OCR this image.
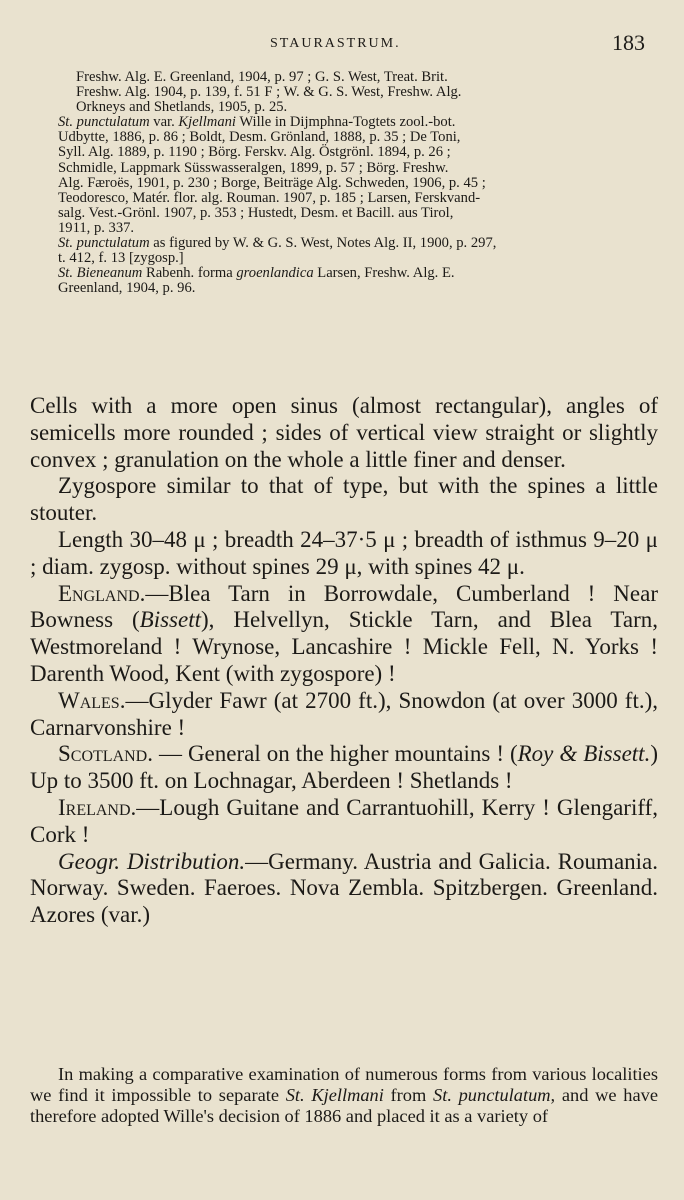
STAURASTRUM.	183
Freshw. Alg. E. Greenland, 1904, p. 97 ; G. S. West, Treat. Brit.
Freshw. Alg. 1904, p. 139, f. 51 F ; W. & G. S. West, Freshw. Alg.
Orkneys and Shetlands, 1905, p. 25.
St. punctulatum var. Kjellmani Wille in Dijmphna-Togtets zool.-bot.
Udbytte, 1886, p. 86 ; Boldt, Desm. Grönland, 1888, p. 35 ; De Toni,
Syll. Alg. 1889, p. 1190 ; Börg. Ferskv. Alg. Östgrönl. 1894, p. 26 ;
Schmidle, Lappmark Süsswasseralgen, 1899, p. 57 ; Börg. Freshw.
Alg. Færoës, 1901, p. 230 ; Borge, Beiträge Alg. Schweden, 1906, p. 45 ;
Teodoresco, Matér. flor. alg. Rouman. 1907, p. 185 ; Larsen, Ferskvand-
salg. Vest.-Grönl. 1907, p. 353 ; Hustedt, Desm. et Bacill. aus Tirol,
1911, p. 337.
St. punctulatum as figured by W. & G. S. West, Notes Alg. II, 1900, p. 297,
t. 412, f. 13 [zygosp.]
St. Bieneanum Rabenh. forma groenlandica Larsen, Freshw. Alg. E.
Greenland, 1904, p. 96.

Cells with a more open sinus (almost rectangular), angles of semicells more rounded ; sides of vertical view straight or slightly convex ; granulation on the whole a little finer and denser.

Zygospore similar to that of type, but with the spines a little stouter.

Length 30–48 μ ; breadth 24–37·5 μ ; breadth of isthmus 9–20 μ ; diam. zygosp. without spines 29 μ, with spines 42 μ.

England.—Blea Tarn in Borrowdale, Cumberland ! Near Bowness (Bissett), Helvellyn, Stickle Tarn, and Blea Tarn, Westmoreland ! Wrynose, Lancashire ! Mickle Fell, N. Yorks ! Darenth Wood, Kent (with zygospore) !

Wales.—Glyder Fawr (at 2700 ft.), Snowdon (at over 3000 ft.), Carnarvonshire !

Scotland. — General on the higher mountains ! (Roy & Bissett.) Up to 3500 ft. on Lochnagar, Aberdeen ! Shetlands !

Ireland.—Lough Guitane and Carrantuohill, Kerry ! Glengariff, Cork !

Geogr. Distribution.—Germany. Austria and Galicia. Roumania. Norway. Sweden. Faeroes. Nova Zembla. Spitzbergen. Greenland. Azores (var.)

In making a comparative examination of numerous forms from various localities we find it impossible to separate St. Kjellmani from St. punctulatum, and we have therefore adopted Wille's decision of 1886 and placed it as a variety of
